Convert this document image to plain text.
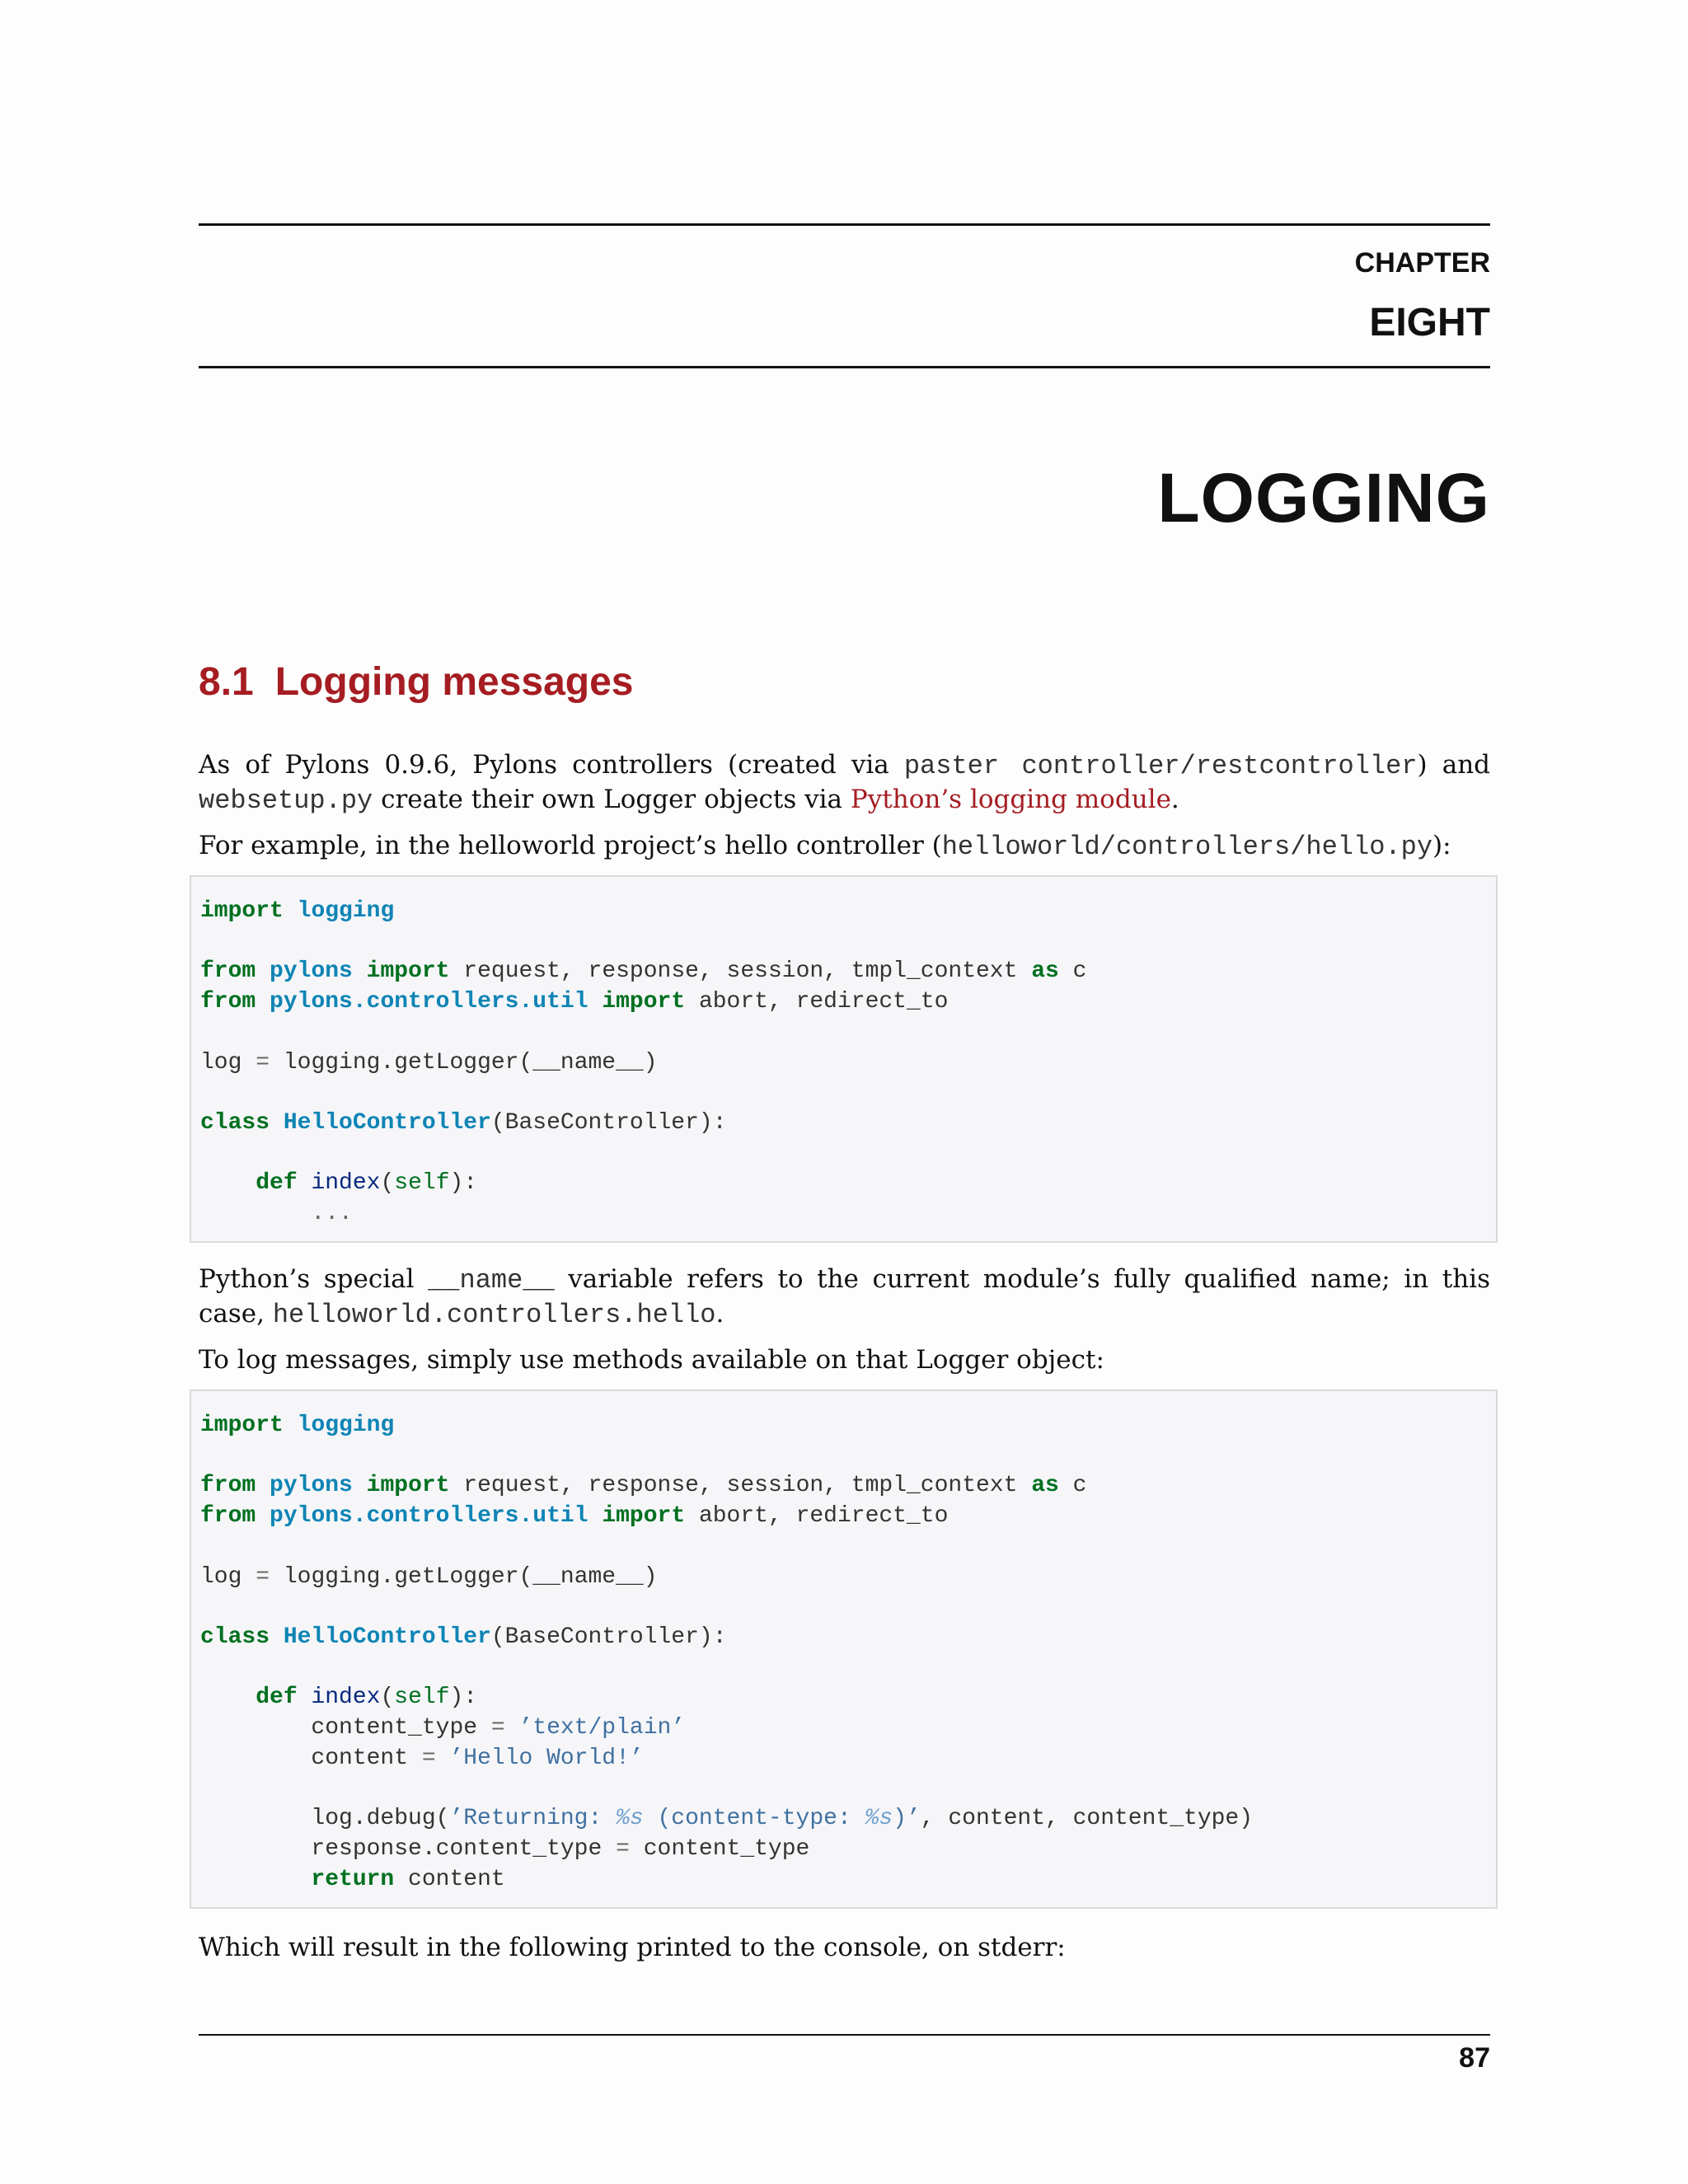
CHAPTER
EIGHT
LOGGING
8.1 Logging messages

As of Pylons 0.9.6, Pylons controllers (created via paster controller/restcontroller) and websetup.py create their own Logger objects via Python’s logging module.

For example, in the helloworld project’s hello controller (helloworld/controllers/hello.py):

import logging

from pylons import request, response, session, tmpl_context as c
from pylons.controllers.util import abort, redirect_to

log = logging.getLogger(__name__)

class HelloController(BaseController):

def index(self):
...

Python’s special __name__ variable refers to the current module’s fully qualified name; in this case, helloworld.controllers.hello.

To log messages, simply use methods available on that Logger object:

import logging

from pylons import request, response, session, tmpl_context as c
from pylons.controllers.util import abort, redirect_to

log = logging.getLogger(__name__)

class HelloController(BaseController):

def index(self):
content_type = ’text/plain’
content = ’Hello World!’

log.debug(’Returning: %s (content-type: %s)’, content, content_type)
response.content_type = content_type
return content

Which will result in the following printed to the console, on stderr:

87
